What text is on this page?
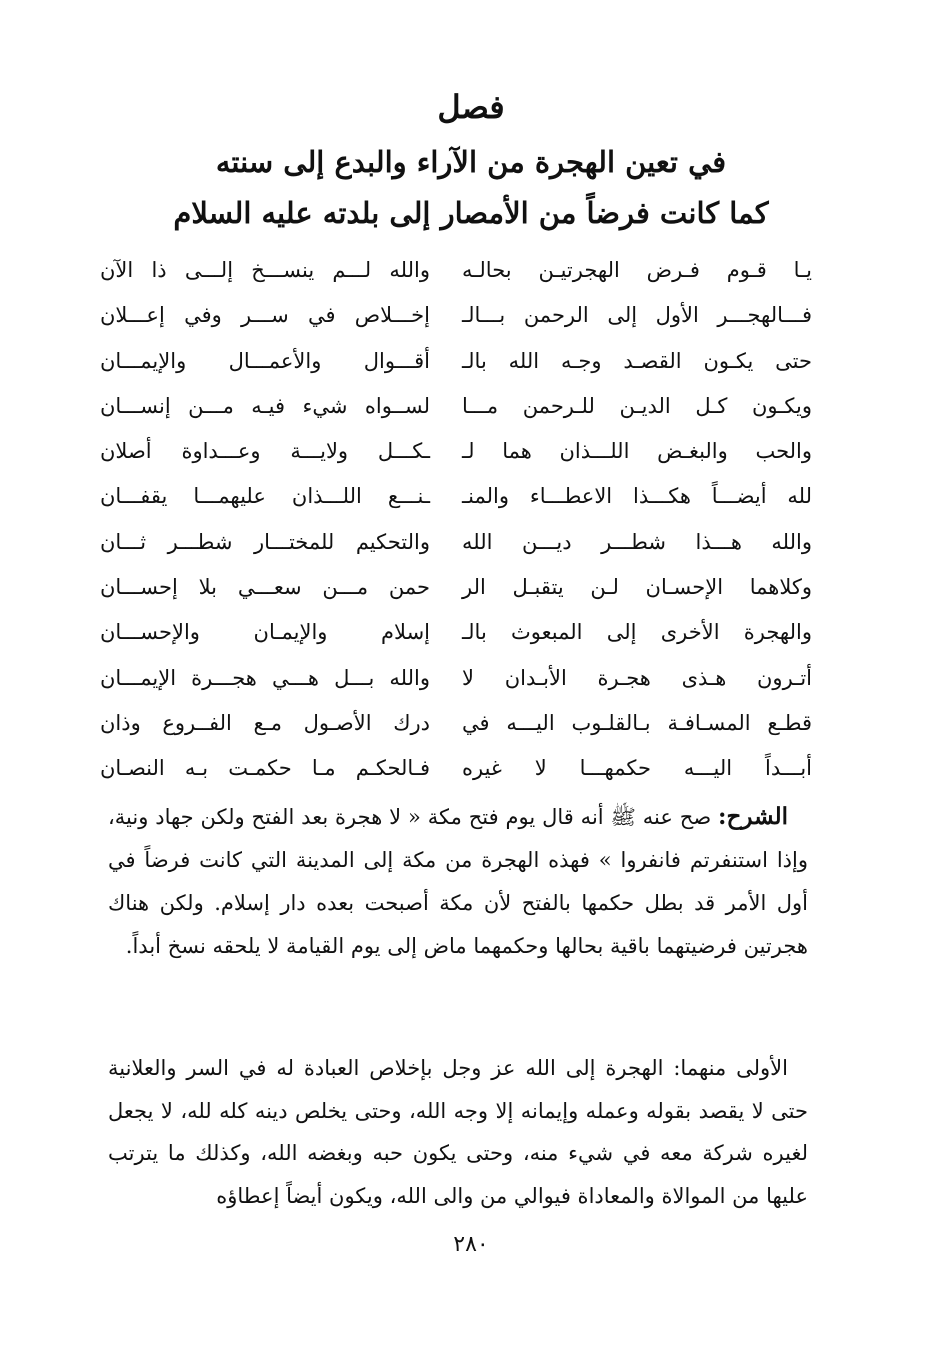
فصل
في تعين الهجرة من الآراء والبدع إلى سنته
كما كانت فرضاً من الأمصار إلى بلدته عليه السلام
يـا قـوم فـرض الهجرتيـن بحالـه
والله لـــم ينســـخ إلـــى ذا الآن
فـــالهجـــر الأول إلى الرحمن بـــالـ
إخـــلاص في ســـر وفي إعـــلان
حتى يكـون القصـد وجـه الله بالـ
أقـــوال والأعمـــال والإيمـــان
ويكـون كـل الديـن للـرحمن مـــا
لســواه شيء فيـه مـــن إنســـان
والحب والبغـض اللـــذان هما لـ
ـكـــل ولايـــة وعـــداوة أصلان
لله أيضـــاً هكـــذا الاعطـــاء والمنـ
ـنـــع اللـــذان عليهمـــا يقفـــان
والله هـــذا شطـــر ديـــن الله
والتحكيم للمختـــار شطـــر ثـــان
وكلاهما الإحسـان لـن يتقبـل الر
حمن مـــن سعـــي بلا إحســـان
والهجرة الأخرى إلى المبعوث بالـ
إسلام والإيمـان والإحســـان
أتـرون هـذى هجـرة الأبـدان لا
والله بـــل هـــي هجـــرة الإيمـــان
قطـع المسـافـة بـالقلـوب اليـــه في
درك الأصـول مـع الفــروع وذان
أبـــداً اليـــه حكمهـــا لا غيره
فـالحكـم مـا حكمـت بـه النصـان
الشرح: صح عنه ﷺ أنه قال يوم فتح مكة « لا هجرة بعد الفتح ولكن جهاد ونية، وإذا استنفرتم فانفروا » فهذه الهجرة من مكة إلى المدينة التي كانت فرضاً في أول الأمر قد بطل حكمها بالفتح لأن مكة أصبحت بعده دار إسلام. ولكن هناك هجرتين فرضيتهما باقية بحالها وحكمهما ماض إلى يوم القيامة لا يلحقه نسخ أبداً.
الأولى منهما: الهجرة إلى الله عز وجل بإخلاص العبادة له في السر والعلانية حتى لا يقصد بقوله وعمله وإيمانه إلا وجه الله، وحتى يخلص دينه كله لله، لا يجعل لغيره شركة معه في شيء منه، وحتى يكون حبه وبغضه الله، وكذلك ما يترتب عليها من الموالاة والمعاداة فيوالي من والى الله، ويكون أيضاً إعطاؤه
٢٨٠
